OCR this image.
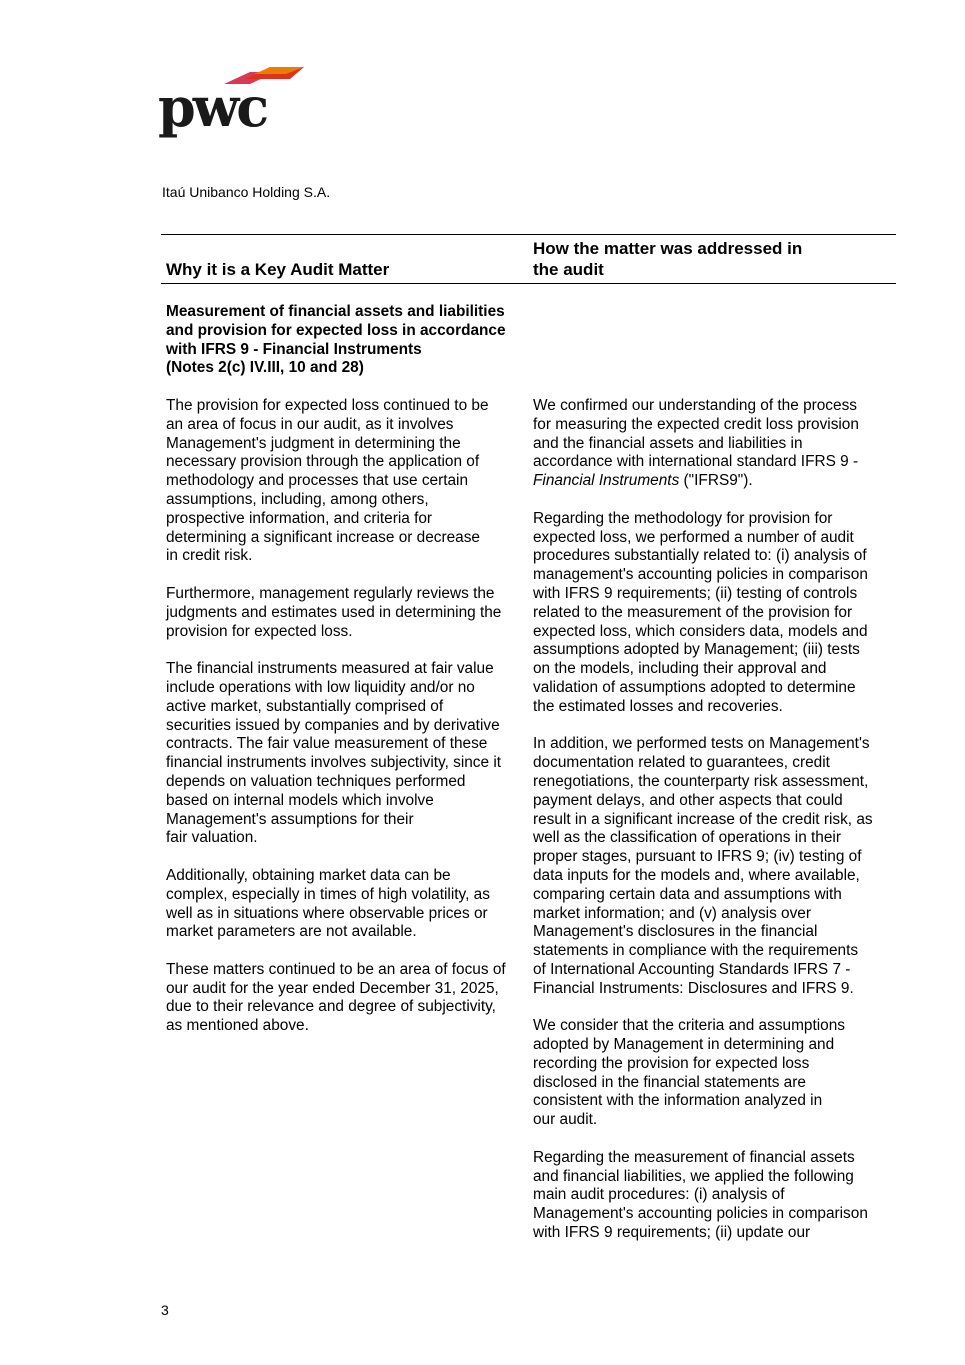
pwc
Itaú Unibanco Holding S.A.
Why it is a Key Audit Matter
How the matter was addressed in
the audit

Measurement of financial assets and liabilities
and provision for expected loss in accordance
with IFRS 9 - Financial Instruments
(Notes 2(c) IV.III, 10 and 28)

The provision for expected loss continued to be
an area of focus in our audit, as it involves
Management's judgment in determining the
necessary provision through the application of
methodology and processes that use certain
assumptions, including, among others,
prospective information, and criteria for
determining a significant increase or decrease
in credit risk.

Furthermore, management regularly reviews the
judgments and estimates used in determining the
provision for expected loss.

The financial instruments measured at fair value
include operations with low liquidity and/or no
active market, substantially comprised of
securities issued by companies and by derivative
contracts. The fair value measurement of these
financial instruments involves subjectivity, since it
depends on valuation techniques performed
based on internal models which involve
Management's assumptions for their
fair valuation.

Additionally, obtaining market data can be
complex, especially in times of high volatility, as
well as in situations where observable prices or
market parameters are not available.

These matters continued to be an area of focus of
our audit for the year ended December 31, 2025,
due to their relevance and degree of subjectivity,
as mentioned above.

We confirmed our understanding of the process
for measuring the expected credit loss provision
and the financial assets and liabilities in
accordance with international standard IFRS 9 -
Financial Instruments ("IFRS9").

Regarding the methodology for provision for
expected loss, we performed a number of audit
procedures substantially related to: (i) analysis of
management's accounting policies in comparison
with IFRS 9 requirements; (ii) testing of controls
related to the measurement of the provision for
expected loss, which considers data, models and
assumptions adopted by Management; (iii) tests
on the models, including their approval and
validation of assumptions adopted to determine
the estimated losses and recoveries.

In addition, we performed tests on Management's
documentation related to guarantees, credit
renegotiations, the counterparty risk assessment,
payment delays, and other aspects that could
result in a significant increase of the credit risk, as
well as the classification of operations in their
proper stages, pursuant to IFRS 9; (iv) testing of
data inputs for the models and, where available,
comparing certain data and assumptions with
market information; and (v) analysis over
Management's disclosures in the financial
statements in compliance with the requirements
of International Accounting Standards IFRS 7 -
Financial Instruments: Disclosures and IFRS 9.

We consider that the criteria and assumptions
adopted by Management in determining and
recording the provision for expected loss
disclosed in the financial statements are
consistent with the information analyzed in
our audit.

Regarding the measurement of financial assets
and financial liabilities, we applied the following
main audit procedures: (i) analysis of
Management's accounting policies in comparison
with IFRS 9 requirements; (ii) update our

3
